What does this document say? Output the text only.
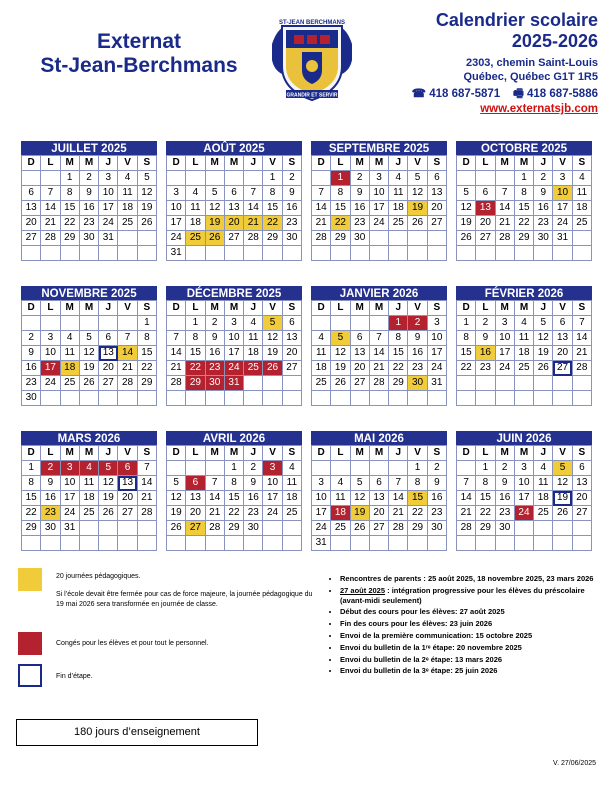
Externat
St-Jean-Berchmans
ST-JEAN BERCHMANS
GRANDIR ET SERVIR
Calendrier scolaire
2025-2026
2303, chemin Saint-Louis
Québec, Québec G1T 1R5
☎ 418 687-5871 🖷 418 687-5886
www.externatsjb.com
JUILLET 2025
D	L	M	M	J	V	S
		1	2	3	4	5
6	7	8	9	10	11	12
13	14	15	16	17	18	19
20	21	22	23	24	25	26
27	28	29	30	31		

AOÛT 2025
D	L	M	M	J	V	S
					1	2
3	4	5	6	7	8	9
10	11	12	13	14	15	16
17	18	19	20	21	22	23
24	25	26	27	28	29	30
31						
SEPTEMBRE 2025
D	L	M	M	J	V	S
	1	2	3	4	5	6
7	8	9	10	11	12	13
14	15	16	17	18	19	20
21	22	23	24	25	26	27
28	29	30				

OCTOBRE 2025
D	L	M	M	J	V	S
			1	2	3	4
5	6	7	8	9	10	11
12	13	14	15	16	17	18
19	20	21	22	23	24	25
26	27	28	29	30	31	

NOVEMBRE 2025
D	L	M	M	J	V	S
						1
2	3	4	5	6	7	8
9	10	11	12	13	14	15
16	17	18	19	20	21	22
23	24	25	26	27	28	29
30						
DÉCEMBRE 2025
D	L	M	M	J	V	S
	1	2	3	4	5	6
7	8	9	10	11	12	13
14	15	16	17	18	19	20
21	22	23	24	25	26	27
28	29	30	31			

JANVIER 2026
D	L	M	M	J	V	S
				1	2	3
4	5	6	7	8	9	10
11	12	13	14	15	16	17
18	19	20	21	22	23	24
25	26	27	28	29	30	31

FÉVRIER 2026
D	L	M	M	J	V	S
1	2	3	4	5	6	7
8	9	10	11	12	13	14
15	16	17	18	19	20	21
22	23	24	25	26	27	28

MARS 2026
D	L	M	M	J	V	S
1	2	3	4	5	6	7
8	9	10	11	12	13	14
15	16	17	18	19	20	21
22	23	24	25	26	27	28
29	30	31				

AVRIL 2026
D	L	M	M	J	V	S
			1	2	3	4
5	6	7	8	9	10	11
12	13	14	15	16	17	18
19	20	21	22	23	24	25
26	27	28	29	30		

MAI 2026
D	L	M	M	J	V	S
					1	2
3	4	5	6	7	8	9
10	11	12	13	14	15	16
17	18	19	20	21	22	23
24	25	26	27	28	29	30
31						
JUIN 2026
D	L	M	M	J	V	S
	1	2	3	4	5	6
7	8	9	10	11	12	13
14	15	16	17	18	19	20
21	22	23	24	25	26	27
28	29	30				

20 journées pédagogiques.
Si l’école devait être fermée pour cas de force majeure, la journée pédagogique du 19 mai 2026 sera transformée en journée de classe.
Congés pour les élèves et pour tout le personnel.
Fin d’étape.
• Rencontres de parents : 25 août 2025, 18 novembre 2025, 23 mars 2026
• 27 août 2025 : intégration progressive pour les élèves du préscolaire (avant-midi seulement)
• Début des cours pour les élèves: 27 août 2025
• Fin des cours pour les élèves: 23 juin 2026
• Envoi de la première communication: 15 octobre 2025
• Envoi du bulletin de la 1ʳᵉ étape: 20 novembre 2025
• Envoi du bulletin de la 2ᵉ étape: 13 mars 2026
• Envoi du bulletin de la 3ᵉ étape: 25 juin 2026
180 jours d’enseignement
V. 27/06/2025
